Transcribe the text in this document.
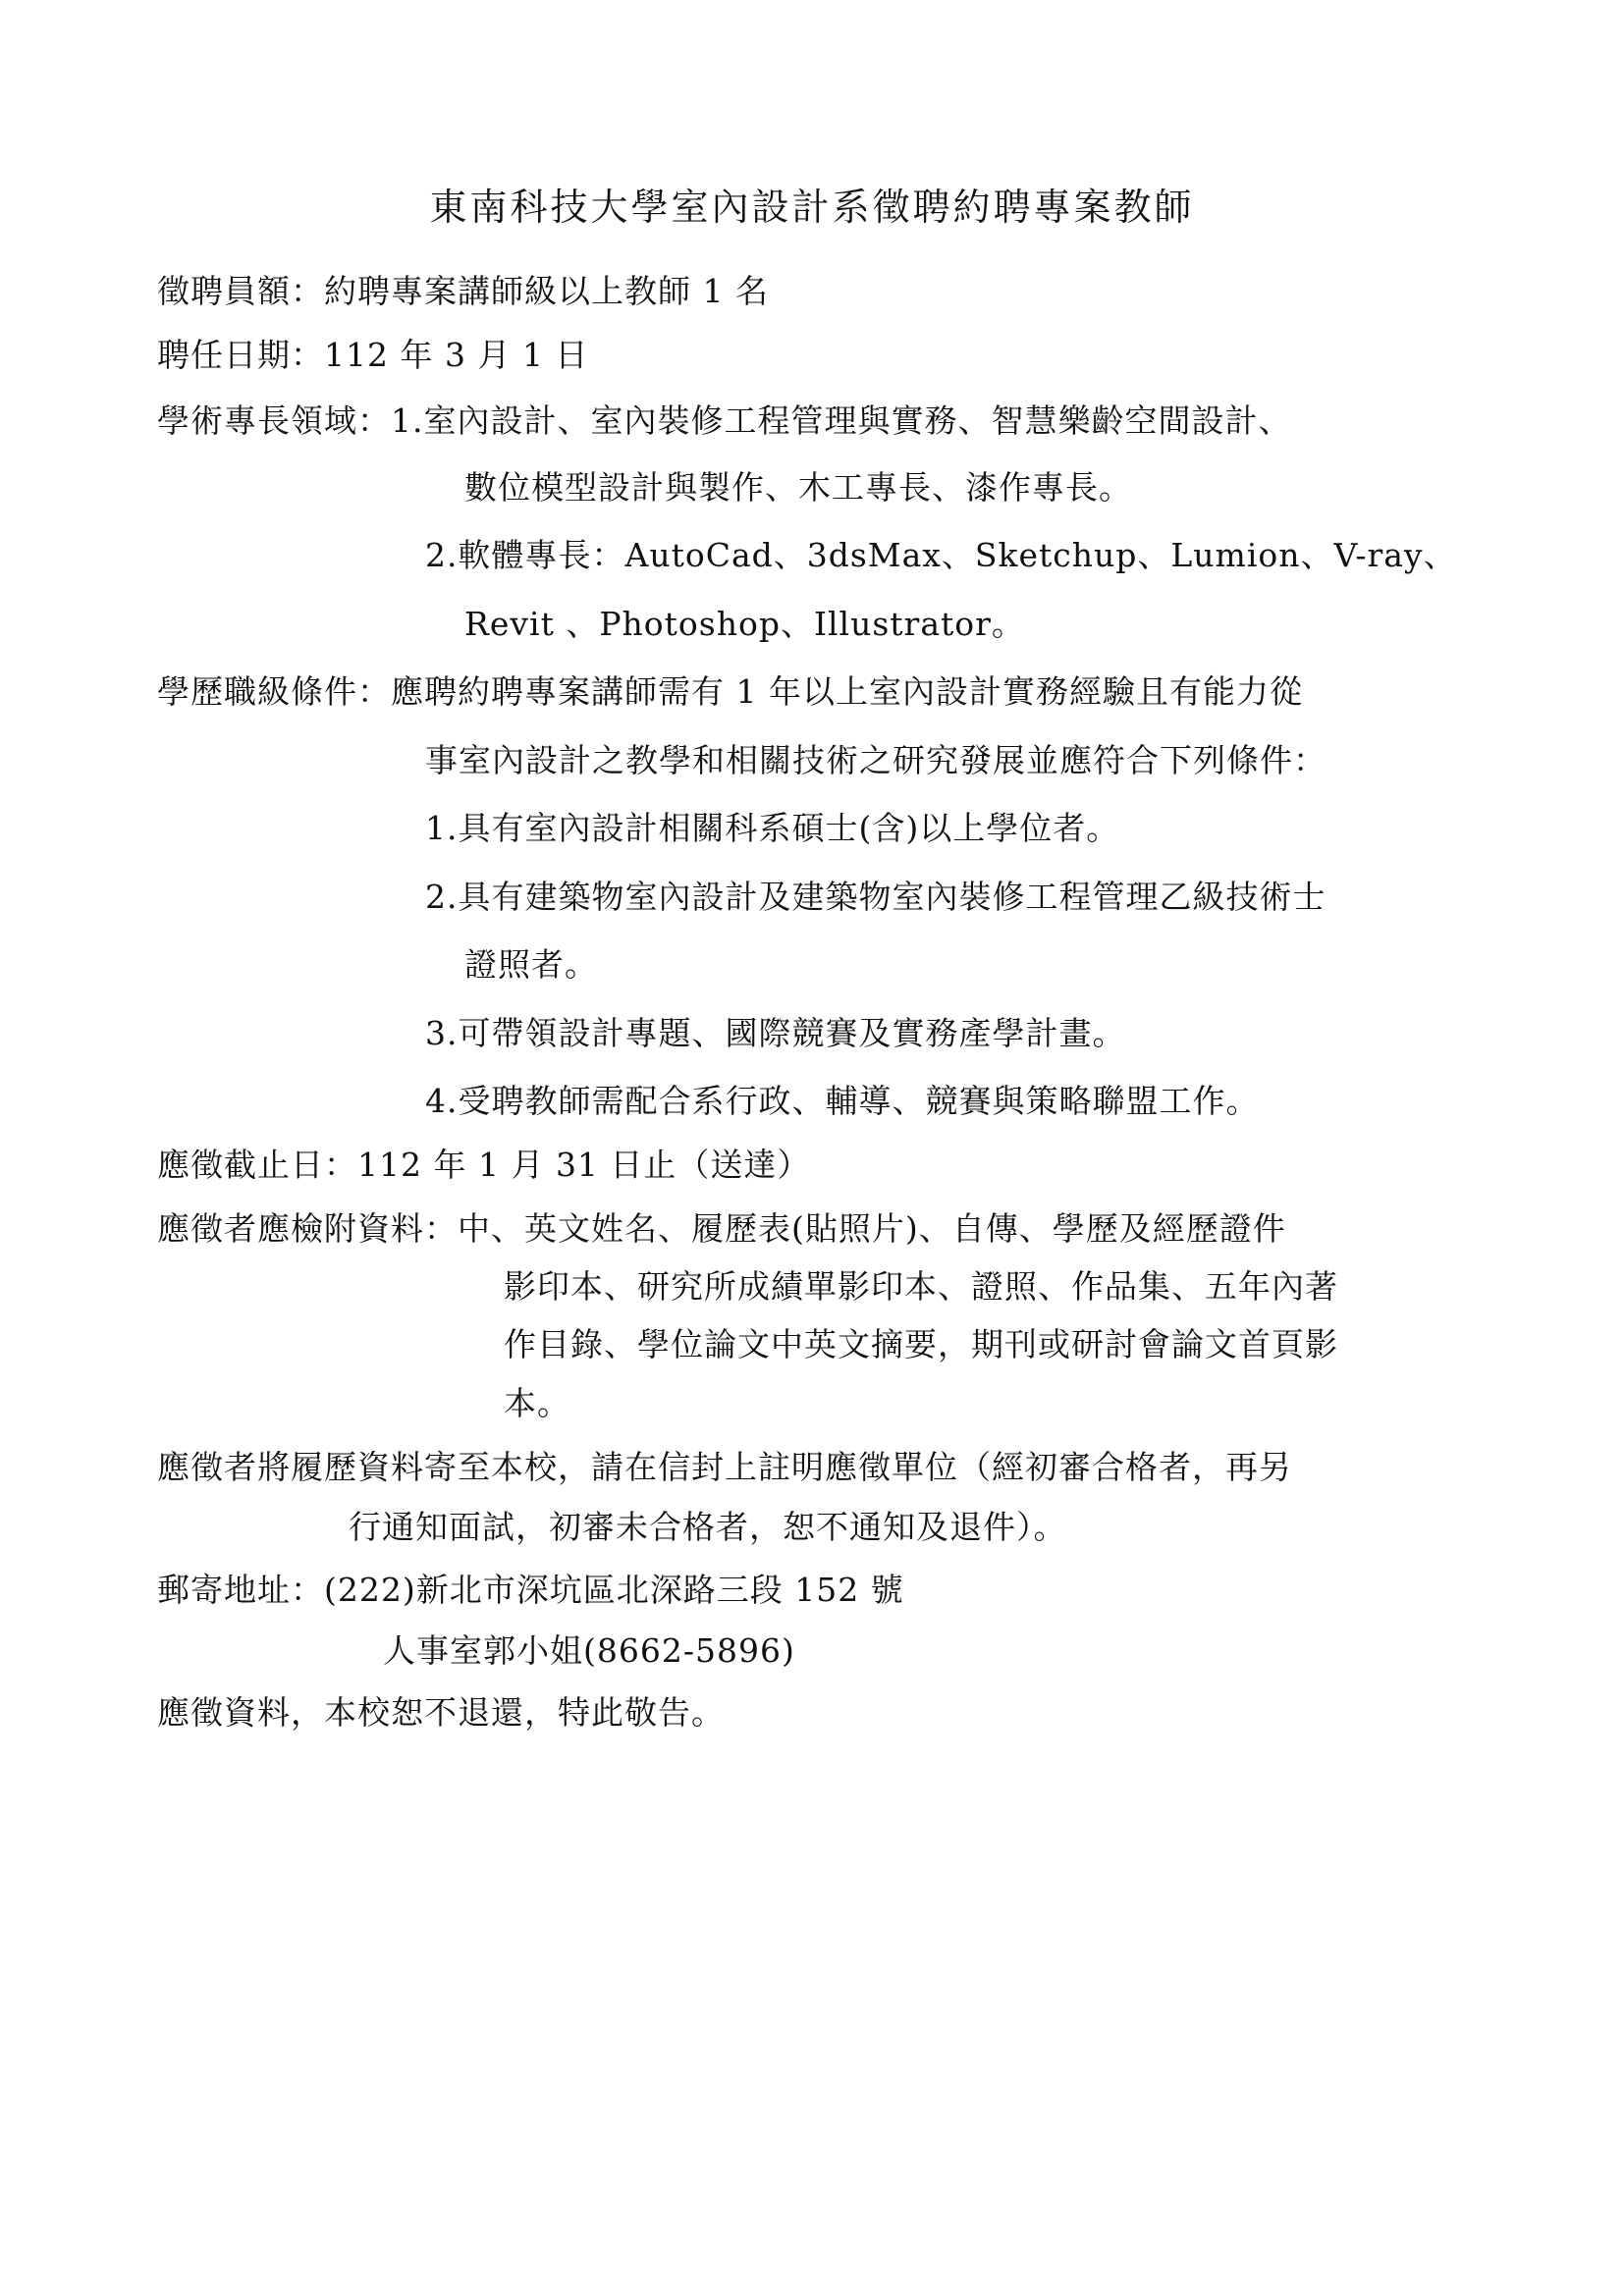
東南科技大學室內設計系徵聘約聘專案教師
徵聘員額：約聘專案講師級以上教師 1 名
聘任日期：112 年 3 月 1 日
學術專長領域：1.室內設計、室內裝修工程管理與實務、智慧樂齡空間設計、
數位模型設計與製作、木工專長、漆作專長。
2.軟體專長：AutoCad、3dsMax、Sketchup、Lumion、V-ray、
Revit 、Photoshop、Illustrator。
學歷職級條件：應聘約聘專案講師需有 1 年以上室內設計實務經驗且有能力從
事室內設計之教學和相關技術之研究發展並應符合下列條件：
1.具有室內設計相關科系碩士(含)以上學位者。
2.具有建築物室內設計及建築物室內裝修工程管理乙級技術士
證照者。
3.可帶領設計專題、國際競賽及實務產學計畫。
4.受聘教師需配合系行政、輔導、競賽與策略聯盟工作。
應徵截止日：112 年 1 月 31 日止（送達）
應徵者應檢附資料：中、英文姓名、履歷表(貼照片)、自傳、學歷及經歷證件
影印本、研究所成績單影印本、證照、作品集、五年內著
作目錄、學位論文中英文摘要，期刊或研討會論文首頁影
本。
應徵者將履歷資料寄至本校，請在信封上註明應徵單位（經初審合格者，再另
行通知面試，初審未合格者，恕不通知及退件）。
郵寄地址：(222)新北市深坑區北深路三段 152 號
人事室郭小姐(8662-5896)
應徵資料，本校恕不退還，特此敬告。
